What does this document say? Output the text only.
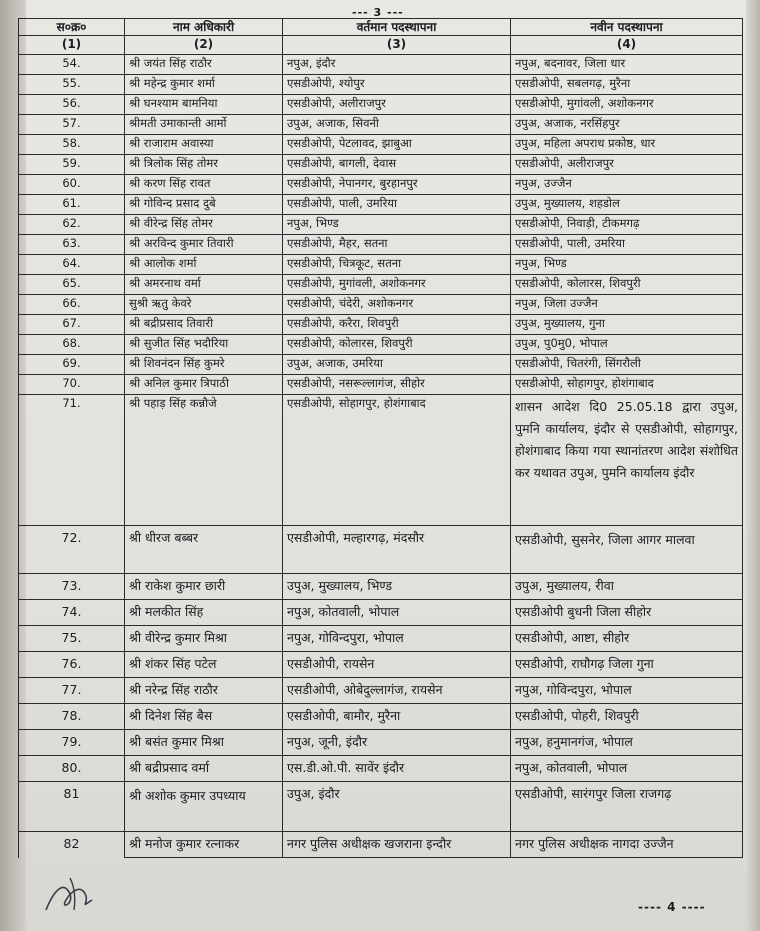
--- 3 ---
स०क्र०	नाम अधिकारी	वर्तमान पदस्थापना	नवीन पदस्थापना
(1)	(2)	(3)	(4)
54.	श्री जयंत सिंह राठौर	नपुअ, इंदौर	नपुअ, बदनावर, जिला धार
55.	श्री महेन्द्र कुमार शर्मा	एसडीओपी, श्योपुर	एसडीओपी, सबलगढ़, मुरैना
56.	श्री घनश्याम बामनिया	एसडीओपी, अलीराजपुर	एसडीओपी, मुगांवली, अशोकनगर
57.	श्रीमती उमाकान्ती आर्मो	उपुअ, अजाक, सिवनी	उपुअ, अजाक, नरसिंहपुर
58.	श्री राजाराम अवास्या	एसडीओपी, पेटलावद, झाबुआ	उपुअ, महिला अपराध प्रकोष्ठ, धार
59.	श्री त्रिलोक सिंह तोमर	एसडीओपी, बागली, देवास	एसडीओपी, अलीराजपुर
60.	श्री करण सिंह रावत	एसडीओपी, नेपानगर, बुरहानपुर	नपुअ, उज्जैन
61.	श्री गोविन्द प्रसाद दुबे	एसडीओपी, पाली, उमरिया	उपुअ, मुख्यालय, शहडोल
62.	श्री वीरेन्द्र सिंह तोमर	नपुअ, भिण्ड	एसडीओपी, निवाड़ी, टीकमगढ़
63.	श्री अरविन्द कुमार तिवारी	एसडीओपी, मैहर, सतना	एसडीओपी, पाली, उमरिया
64.	श्री आलोक शर्मा	एसडीओपी, चित्रकूट, सतना	नपुअ, भिण्ड
65.	श्री अमरनाथ वर्मा	एसडीओपी, मुगांवली, अशोकनगर	एसडीओपी, कोलारस, शिवपुरी
66.	सुश्री ऋतु केवरे	एसडीओपी, चंदेरी, अशोकनगर	नपुअ, जिला उज्जैन
67.	श्री बद्रीप्रसाद तिवारी	एसडीओपी, करैरा, शिवपुरी	उपुअ, मुख्यालय, गुना
68.	श्री सुजीत सिंह भदौरिया	एसडीओपी, कोलारस, शिवपुरी	उपुअ, पु0मु0, भोपाल
69.	श्री शिवनंदन सिंह कुमरे	उपुअ, अजाक, उमरिया	एसडीओपी, चितरंगी, सिंगरौली
70.	श्री अनिल कुमार त्रिपाठी	एसडीओपी, नसरूल्लागंज, सीहोर	एसडीओपी, सोहागपुर, होशंगाबाद
71.	श्री पहाड़ सिंह कन्नौजे	एसडीओपी, सोहागपुर, होशंगाबाद	शासन आदेश दि0 25.05.18 द्वारा उपुअ, पुमनि कार्यालय, इंदौर से एसडीओपी, सोहागपुर, होशंगाबाद किया गया स्थानांतरण आदेश संशोधित कर यथावत उपुअ, पुमनि कार्यालय इंदौर
72.	श्री धीरज बब्बर	एसडीओपी, मल्हारगढ़, मंदसौर	एसडीओपी, सुसनेर, जिला आगर मालवा
73.	श्री राकेश कुमार छारी	उपुअ, मुख्यालय, भिण्ड	उपुअ, मुख्यालय, रीवा
74.	श्री मलकीत सिंह	नपुअ, कोतवाली, भोपाल	एसडीओपी बुधनी जिला सीहोर
75.	श्री वीरेन्द्र कुमार मिश्रा	नपुअ, गोविन्दपुरा, भोपाल	एसडीओपी, आष्टा, सीहोर
76.	श्री शंकर सिंह पटेल	एसडीओपी, रायसेन	एसडीओपी, राघौगढ़ जिला गुना
77.	श्री नरेन्द्र सिंह राठौर	एसडीओपी, ओबेदुल्लागंज, रायसेन	नपुअ, गोविन्दपुरा, भोपाल
78.	श्री दिनेश सिंह बैस	एसडीओपी, बामौर, मुरैना	एसडीओपी, पोहरी, शिवपुरी
79.	श्री बसंत कुमार मिश्रा	नपुअ, जूनी, इंदौर	नपुअ, हनुमानगंज, भोपाल
80.	श्री बद्रीप्रसाद वर्मा	एस.डी.ओ.पी. सावेंर इंदौर	नपुअ, कोतवाली, भोपाल
81	श्री अशोक कुमार उपध्याय	उपुअ, इंदौर	एसडीओपी, सारंगपुर जिला राजगढ़
82	श्री मनोज कुमार रत्नाकर	नगर पुलिस अधीक्षक खजराना इन्दौर	नगर पुलिस अधीक्षक नागदा उज्जैन
---- 4 ----
